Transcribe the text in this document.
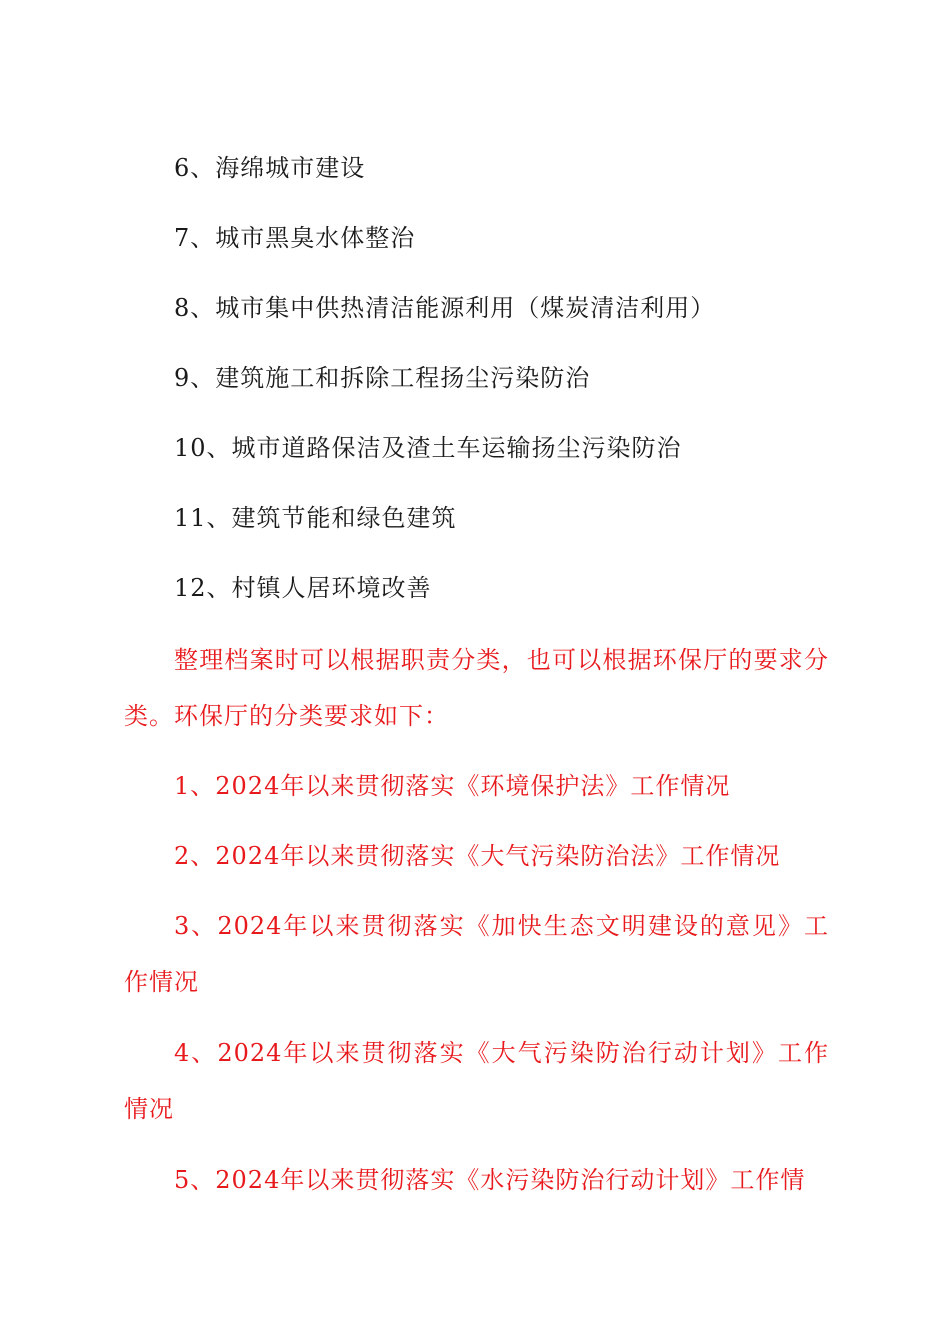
6、海绵城市建设
7、城市黑臭水体整治
8、城市集中供热清洁能源利用（煤炭清洁利用）
9、建筑施工和拆除工程扬尘污染防治
10、城市道路保洁及渣土车运输扬尘污染防治
11、建筑节能和绿色建筑
12、村镇人居环境改善
整理档案时可以根据职责分类，也可以根据环保厅的要求分类。环保厅的分类要求如下：
1、2024年以来贯彻落实《环境保护法》工作情况
2、2024年以来贯彻落实《大气污染防治法》工作情况
3、2024年以来贯彻落实《加快生态文明建设的意见》工作情况
4、2024年以来贯彻落实《大气污染防治行动计划》工作情况
5、2024年以来贯彻落实《水污染防治行动计划》工作情
